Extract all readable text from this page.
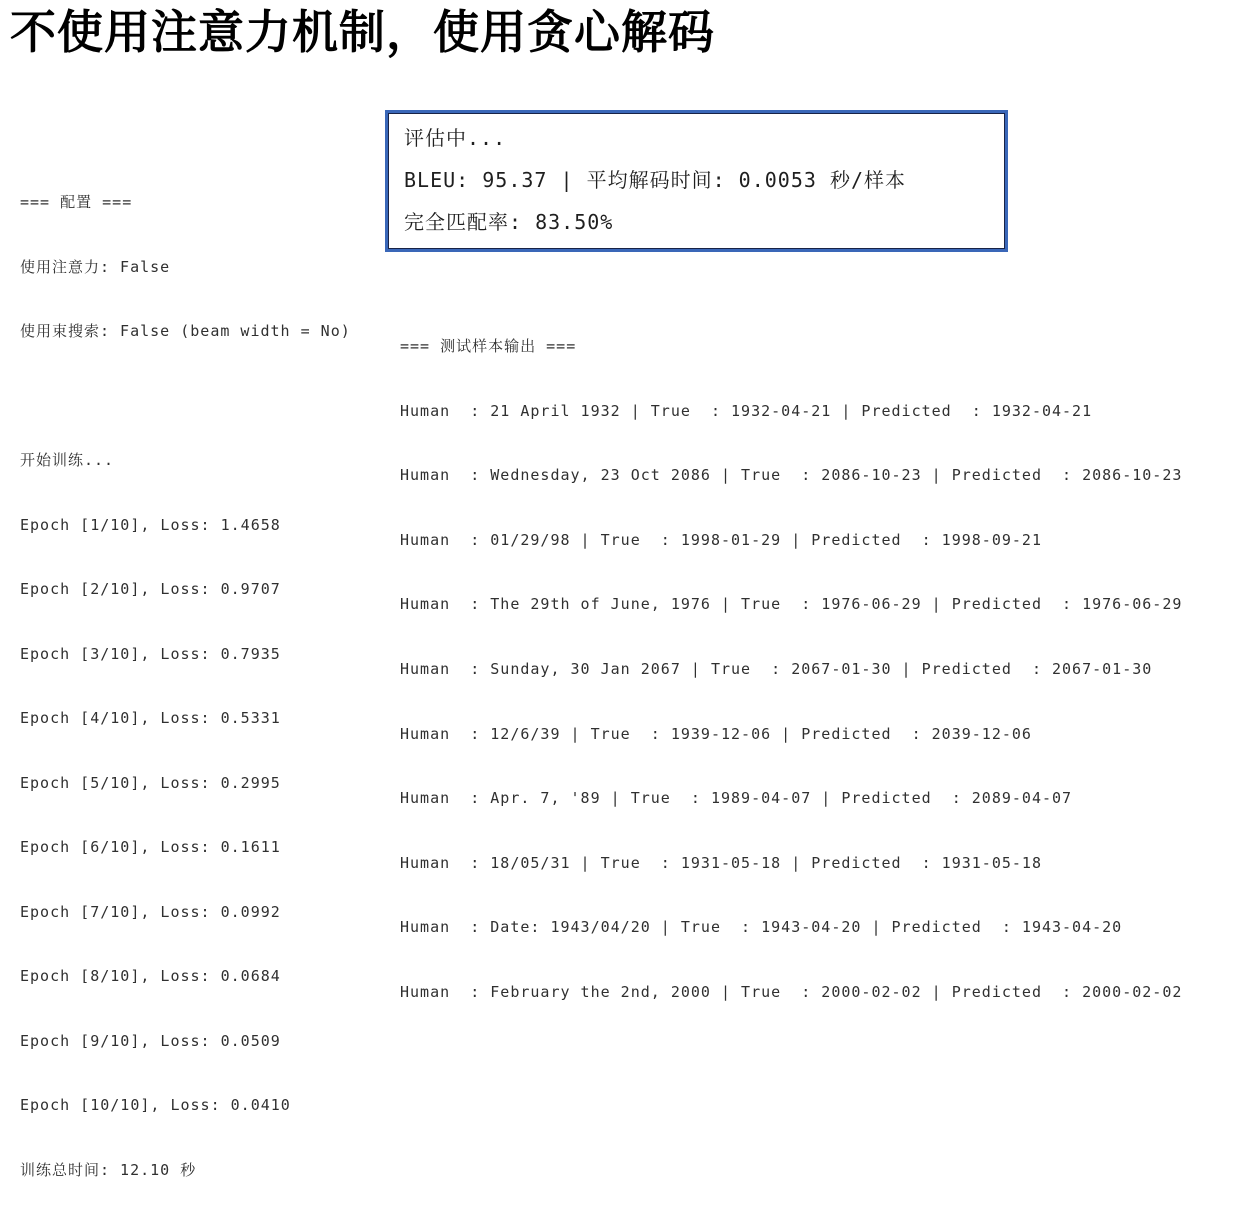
不使用注意力机制，使用贪心解码

=== 配置 ===

使用注意力: False

使用束搜索: False (beam width = No)

开始训练...

Epoch [1/10], Loss: 1.4658

Epoch [2/10], Loss: 0.9707

Epoch [3/10], Loss: 0.7935

Epoch [4/10], Loss: 0.5331

Epoch [5/10], Loss: 0.2995

Epoch [6/10], Loss: 0.1611

Epoch [7/10], Loss: 0.0992

Epoch [8/10], Loss: 0.0684

Epoch [9/10], Loss: 0.0509

Epoch [10/10], Loss: 0.0410

训练总时间: 12.10 秒

评估中...
BLEU: 95.37 | 平均解码时间: 0.0053 秒/样本
完全匹配率: 83.50%

=== 测试样本输出 ===

Human  : 21 April 1932 | True  : 1932-04-21 | Predicted  : 1932-04-21

Human  : Wednesday, 23 Oct 2086 | True  : 2086-10-23 | Predicted  : 2086-10-23

Human  : 01/29/98 | True  : 1998-01-29 | Predicted  : 1998-09-21

Human  : The 29th of June, 1976 | True  : 1976-06-29 | Predicted  : 1976-06-29

Human  : Sunday, 30 Jan 2067 | True  : 2067-01-30 | Predicted  : 2067-01-30

Human  : 12/6/39 | True  : 1939-12-06 | Predicted  : 2039-12-06

Human  : Apr. 7, '89 | True  : 1989-04-07 | Predicted  : 2089-04-07

Human  : 18/05/31 | True  : 1931-05-18 | Predicted  : 1931-05-18

Human  : Date: 1943/04/20 | True  : 1943-04-20 | Predicted  : 1943-04-20

Human  : February the 2nd, 2000 | True  : 2000-02-02 | Predicted  : 2000-02-02
